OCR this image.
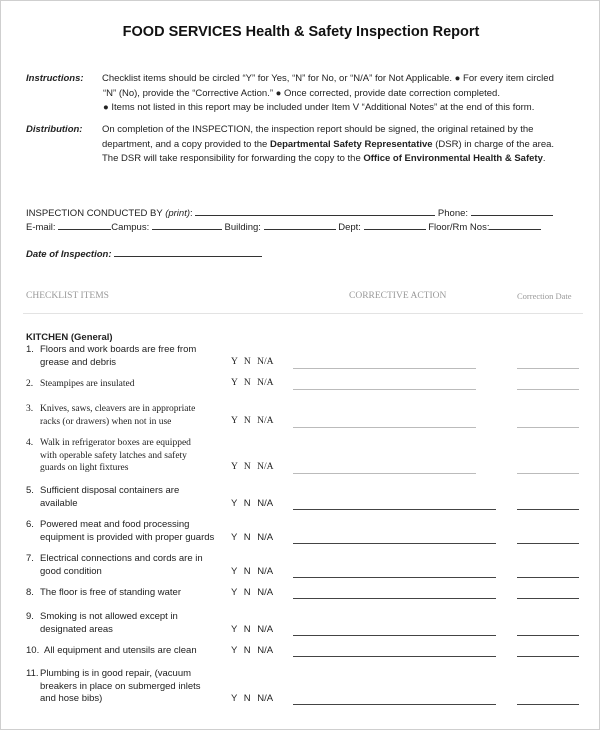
FOOD SERVICES Health & Safety Inspection Report
Instructions: Checklist items should be circled “Y” for Yes, “N” for No, or “N/A” for Not Applicable. ● For every item circled
“N” (No), provide the “Corrective Action.” ● Once corrected, provide date correction completed.
● Items not listed in this report may be included under Item V “Additional Notes” at the end of this form.
Distribution: On completion of the INSPECTION, the inspection report should be signed, the original retained by the
department, and a copy provided to the Departmental Safety Representative (DSR) in charge of the area.
The DSR will take responsibility for forwarding the copy to the Office of Environmental Health & Safety.
INSPECTION CONDUCTED BY (print):	Phone:
E-mail:	Campus:	Building:	Dept:	Floor/Rm Nos:
Date of Inspection:
CHECKLIST ITEMS	CORRECTIVE ACTION	Correction Date
KITCHEN (General)
1. Floors and work boards are free from
grease and debris	Y N N/A
2. Steampipes are insulated	Y N N/A
3. Knives, saws, cleavers are in appropriate
racks (or drawers) when not in use	Y N N/A
4. Walk in refrigerator boxes are equipped
with operable safety latches and safety
guards on light fixtures	Y N N/A
5. Sufficient disposal containers are
available	Y N N/A
6. Powered meat and food processing
equipment is provided with proper guards Y N N/A
7. Electrical connections and cords are in
good condition	Y N N/A
8. The floor is free of standing water	Y N N/A
9. Smoking is not allowed except in
designated areas	Y N N/A
10. All equipment and utensils are clean	Y N N/A
11.Plumbing is in good repair, (vacuum
breakers in place on submerged inlets
and hose bibs)	Y N N/A
